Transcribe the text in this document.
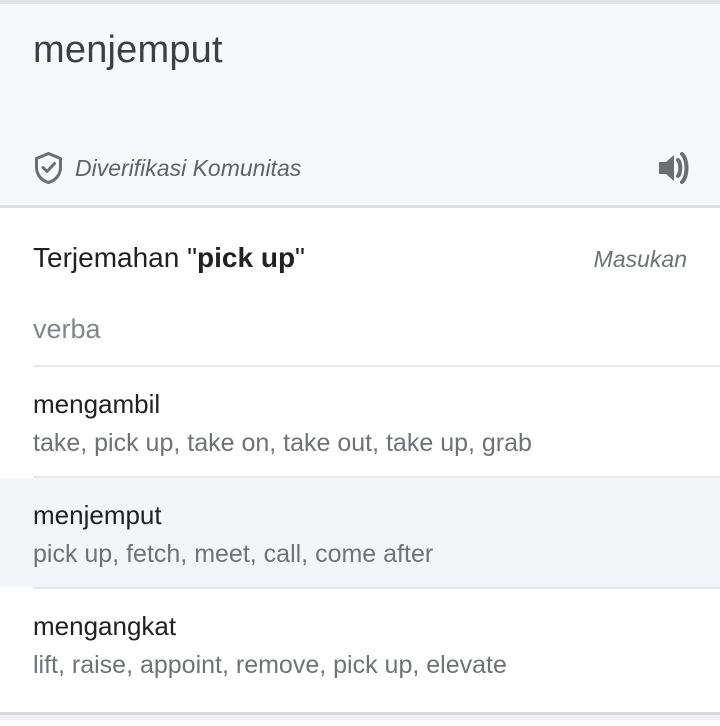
menjemput
Diverifikasi Komunitas
Terjemahan "pick up"	Masukan
verba
mengambil
take, pick up, take on, take out, take up, grab
menjemput
pick up, fetch, meet, call, come after
mengangkat
lift, raise, appoint, remove, pick up, elevate
